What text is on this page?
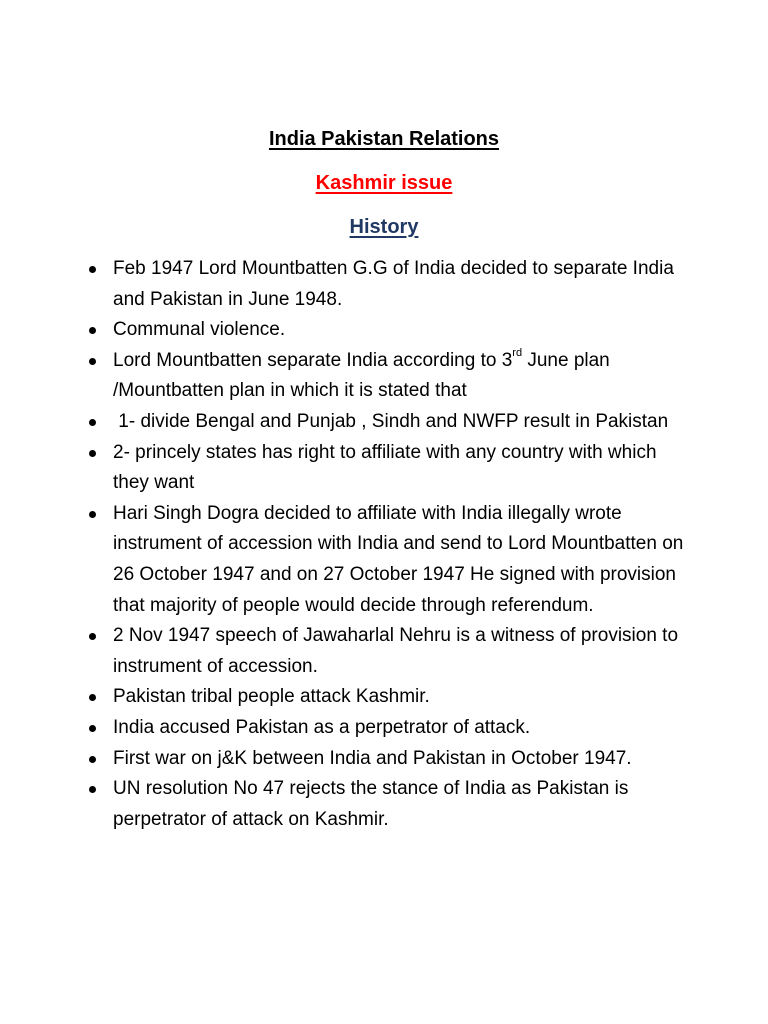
India Pakistan Relations

Kashmir issue

History

Feb 1947 Lord Mountbatten G.G of India decided to separate India and Pakistan in June 1948.
Communal violence.
Lord Mountbatten separate India according to 3rd June plan /Mountbatten plan in which it is stated that
1- divide Bengal and Punjab , Sindh and NWFP result in Pakistan
2- princely states has right to affiliate with any country with which they want
Hari Singh Dogra decided to affiliate with India illegally wrote instrument of accession with India and send to Lord Mountbatten on 26 October 1947 and on 27 October 1947 He signed with provision that majority of people would decide through referendum.
2 Nov 1947 speech of Jawaharlal Nehru is a witness of provision to instrument of accession.
Pakistan tribal people attack Kashmir.
India accused Pakistan as a perpetrator of attack.
First war on j&K between India and Pakistan in October 1947.
UN resolution No 47 rejects the stance of India as Pakistan is perpetrator of attack on Kashmir.
